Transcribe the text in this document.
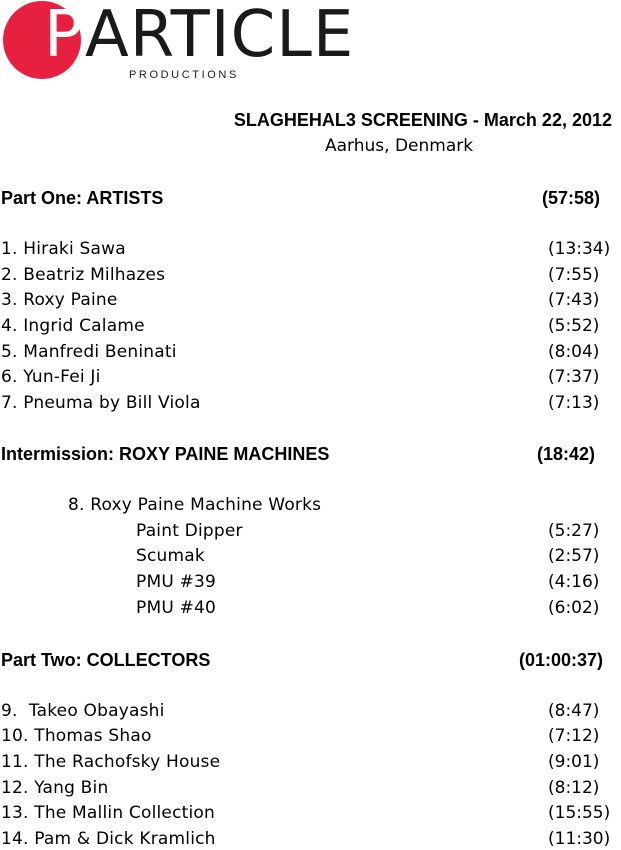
P ARTICLE
PRODUCTIONS
SLAGHEHAL3 SCREENING - March 22, 2012
Aarhus, Denmark
Part One: ARTISTS	(57:58)
1. Hiraki Sawa	(13:34)
2. Beatriz Milhazes	(7:55)
3. Roxy Paine	(7:43)
4. Ingrid Calame	(5:52)
5. Manfredi Beninati	(8:04)
6. Yun-Fei Ji	(7:37)
7. Pneuma by Bill Viola	(7:13)
Intermission: ROXY PAINE MACHINES	(18:42)
8. Roxy Paine Machine Works
Paint Dipper	(5:27)
Scumak	(2:57)
PMU #39	(4:16)
PMU #40	(6:02)
Part Two: COLLECTORS	(01:00:37)
9.  Takeo Obayashi	(8:47)
10. Thomas Shao	(7:12)
11. The Rachofsky House	(9:01)
12. Yang Bin	(8:12)
13. The Mallin Collection	(15:55)
14. Pam & Dick Kramlich	(11:30)
